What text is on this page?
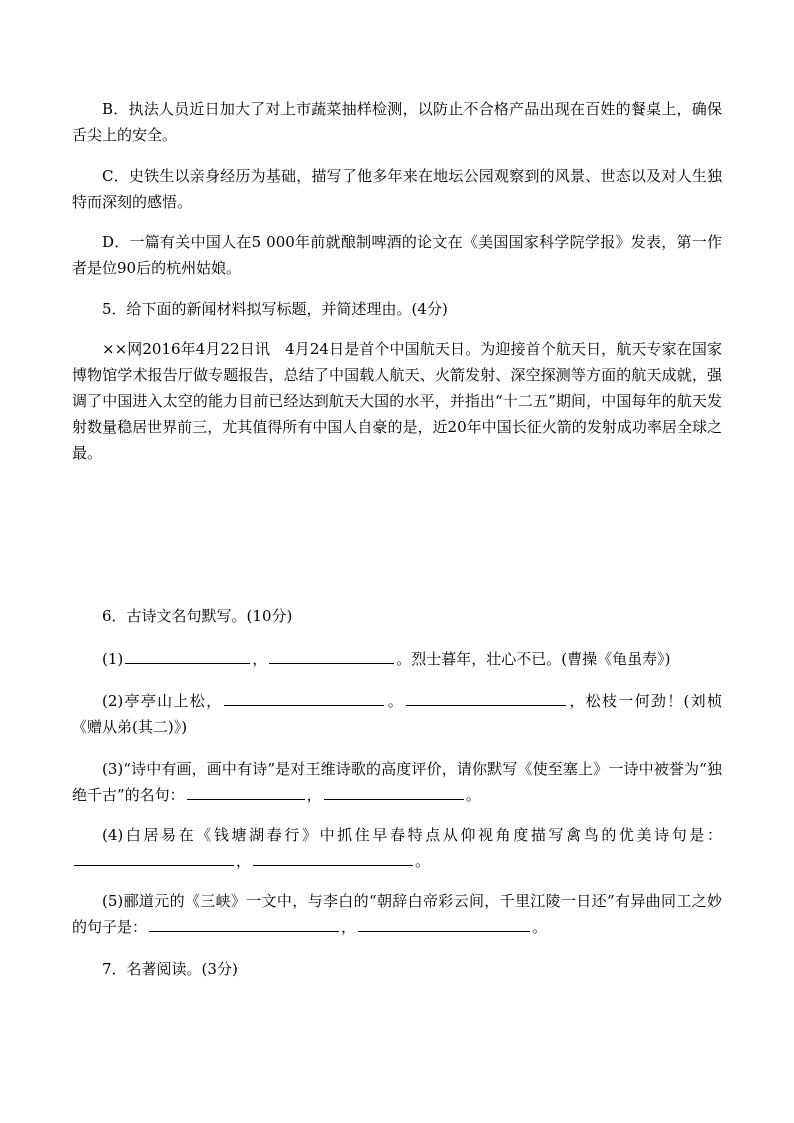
B．执法人员近日加大了对上市蔬菜抽样检测，以防止不合格产品出现在百姓的餐桌上，确保舌尖上的安全。

C．史铁生以亲身经历为基础，描写了他多年来在地坛公园观察到的风景、世态以及对人生独特而深刻的感悟。

D．一篇有关中国人在5 000年前就酿制啤酒的论文在《美国国家科学院学报》发表，第一作者是位90后的杭州姑娘。

5．给下面的新闻材料拟写标题，并简述理由。(4分)

××网2016年4月22日讯　4月24日是首个中国航天日。为迎接首个航天日，航天专家在国家博物馆学术报告厅做专题报告，总结了中国载人航天、火箭发射、深空探测等方面的航天成就，强调了中国进入太空的能力目前已经达到航天大国的水平，并指出“十二五”期间，中国每年的航天发射数量稳居世界前三，尤其值得所有中国人自豪的是，近20年中国长征火箭的发射成功率居全球之最。

6．古诗文名句默写。(10分)

(1)	，	。烈士暮年，壮心不已。(曹操《龟虽寿》)

(2)亭亭山上松，	。	，松枝一何劲！(刘桢《赠从弟(其二)》)

(3)“诗中有画，画中有诗”是对王维诗歌的高度评价，请你默写《使至塞上》一诗中被誉为“独绝千古”的名句：	，	。

(4)白居易在《钱塘湖春行》中抓住早春特点从仰视角度描写禽鸟的优美诗句是：，	。

(5)郦道元的《三峡》一文中，与李白的“朝辞白帝彩云间，千里江陵一日还”有异曲同工之妙的句子是：	，	。

7．名著阅读。(3分)
